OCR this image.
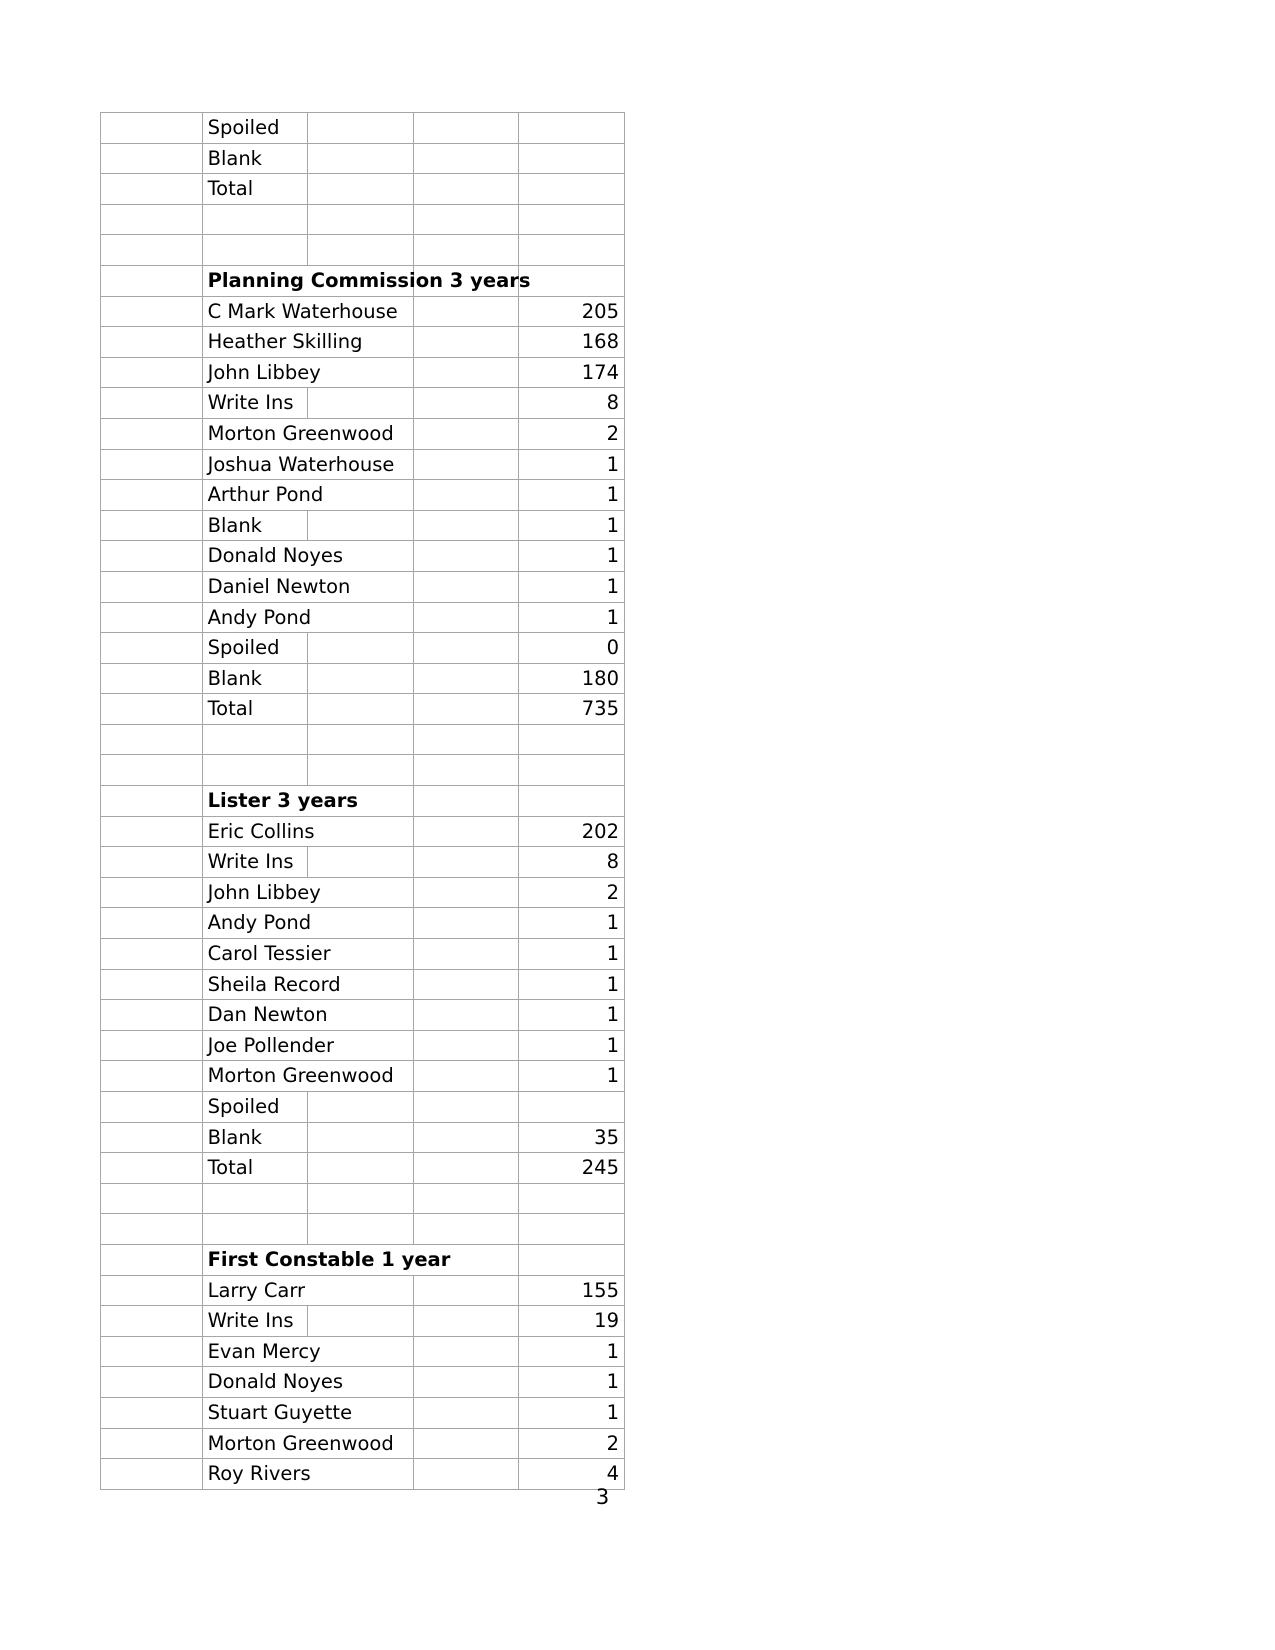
	Spoiled			
	Blank			
	Total			

	Planning Commission 3 years			
	C Mark Waterhouse			205
	Heather Skilling			168
	John Libbey			174
	Write Ins			8
	Morton Greenwood			2
	Joshua Waterhouse			1
	Arthur Pond			1
	Blank			1
	Donald Noyes			1
	Daniel Newton			1
	Andy Pond			1
	Spoiled			0
	Blank			180
	Total			735

	Lister 3 years			
	Eric Collins			202
	Write Ins			8
	John Libbey			2
	Andy Pond			1
	Carol Tessier			1
	Sheila Record			1
	Dan Newton			1
	Joe Pollender			1
	Morton Greenwood			1
	Spoiled			
	Blank			35
	Total			245

	First Constable 1 year			
	Larry Carr			155
	Write Ins			19
	Evan Mercy			1
	Donald Noyes			1
	Stuart Guyette			1
	Morton Greenwood			2
	Roy Rivers			4
3
